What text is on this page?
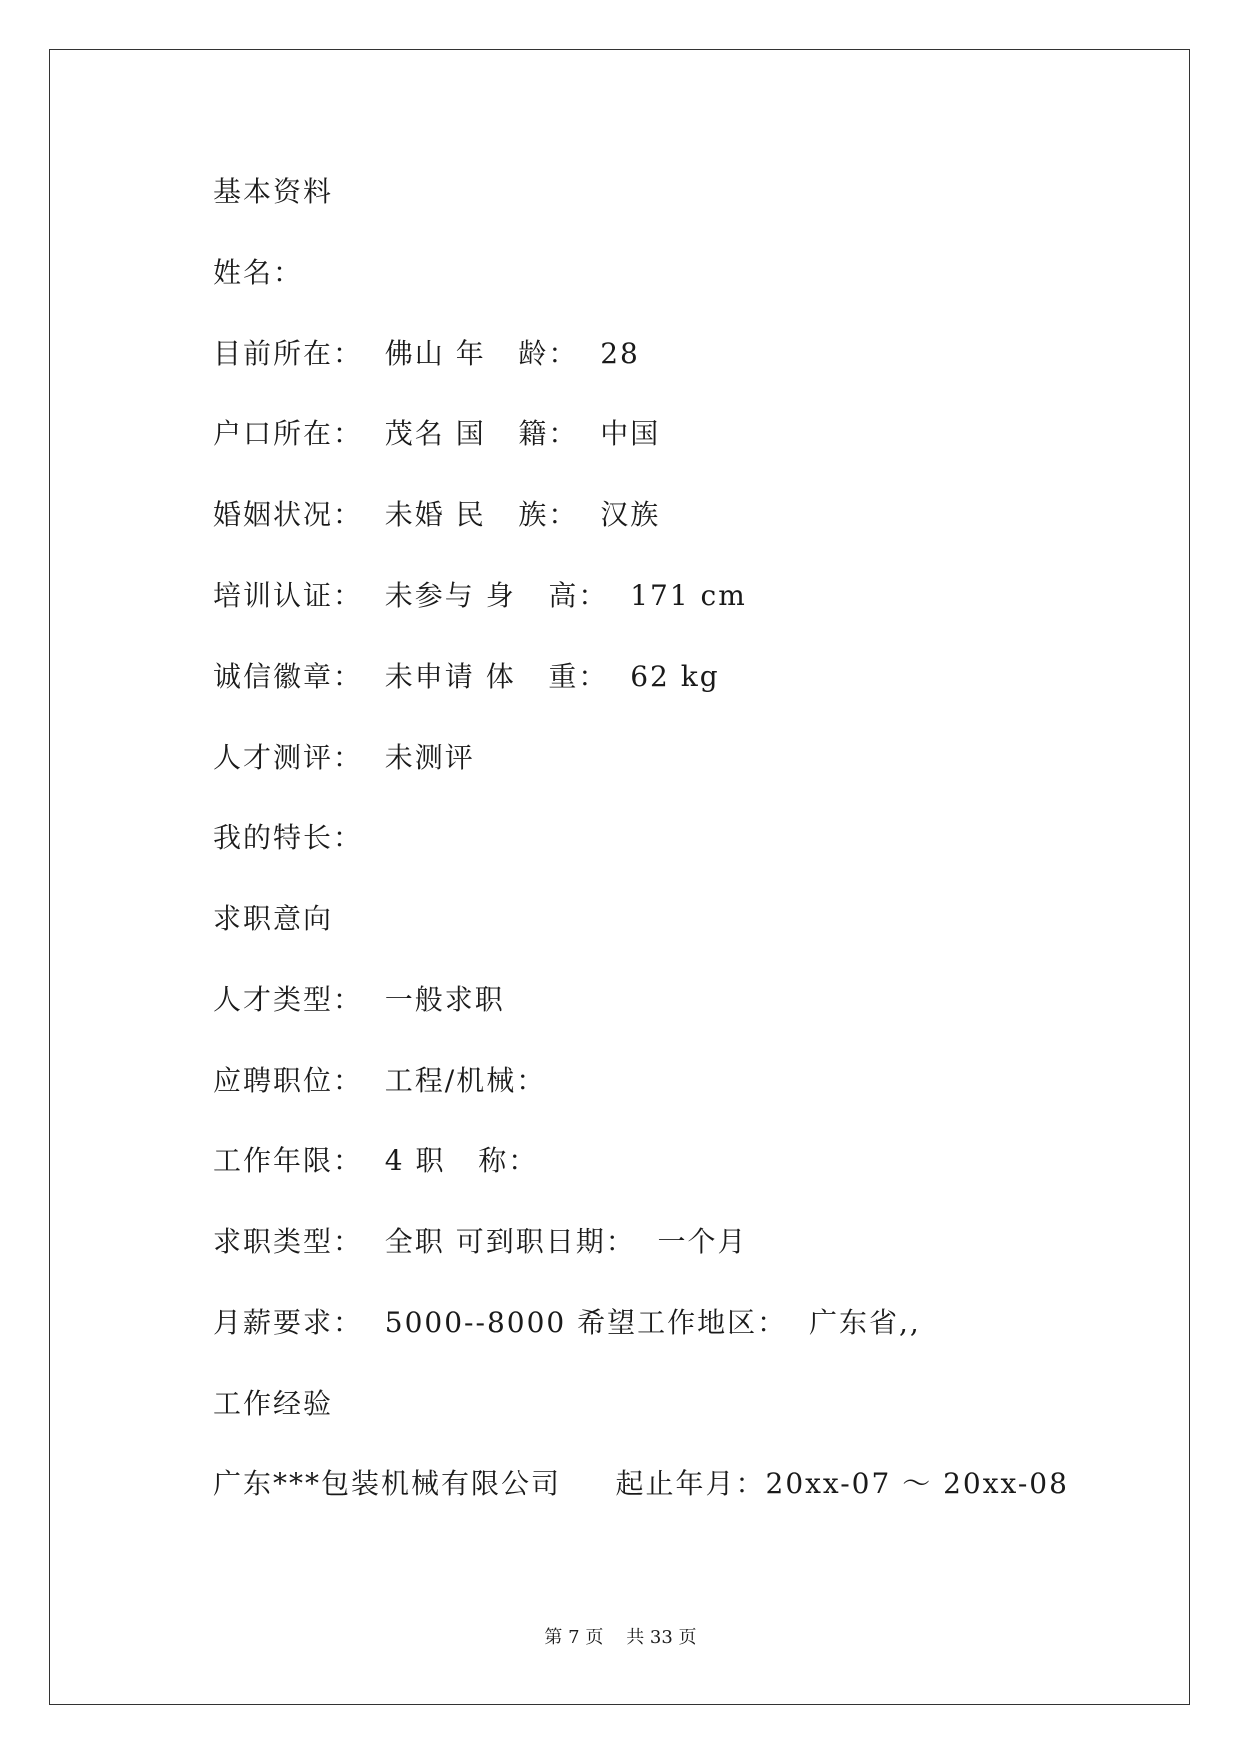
基本资料
姓名：
目前所在：  佛山 年   龄：  28
户口所在：  茂名 国   籍：  中国
婚姻状况：  未婚 民   族：  汉族
培训认证：  未参与 身   高：  171 cm
诚信徽章：  未申请 体   重：  62 kg
人才测评：  未测评
我的特长：
求职意向
人才类型：  一般求职
应聘职位：  工程/机械：
工作年限：  4 职   称：
求职类型：  全职 可到职日期：  一个月
月薪要求：  5000--8000 希望工作地区：  广东省,,
工作经验
广东***包装机械有限公司     起止年月：20xx-07 ～ 20xx-08
第 7 页    共 33 页
